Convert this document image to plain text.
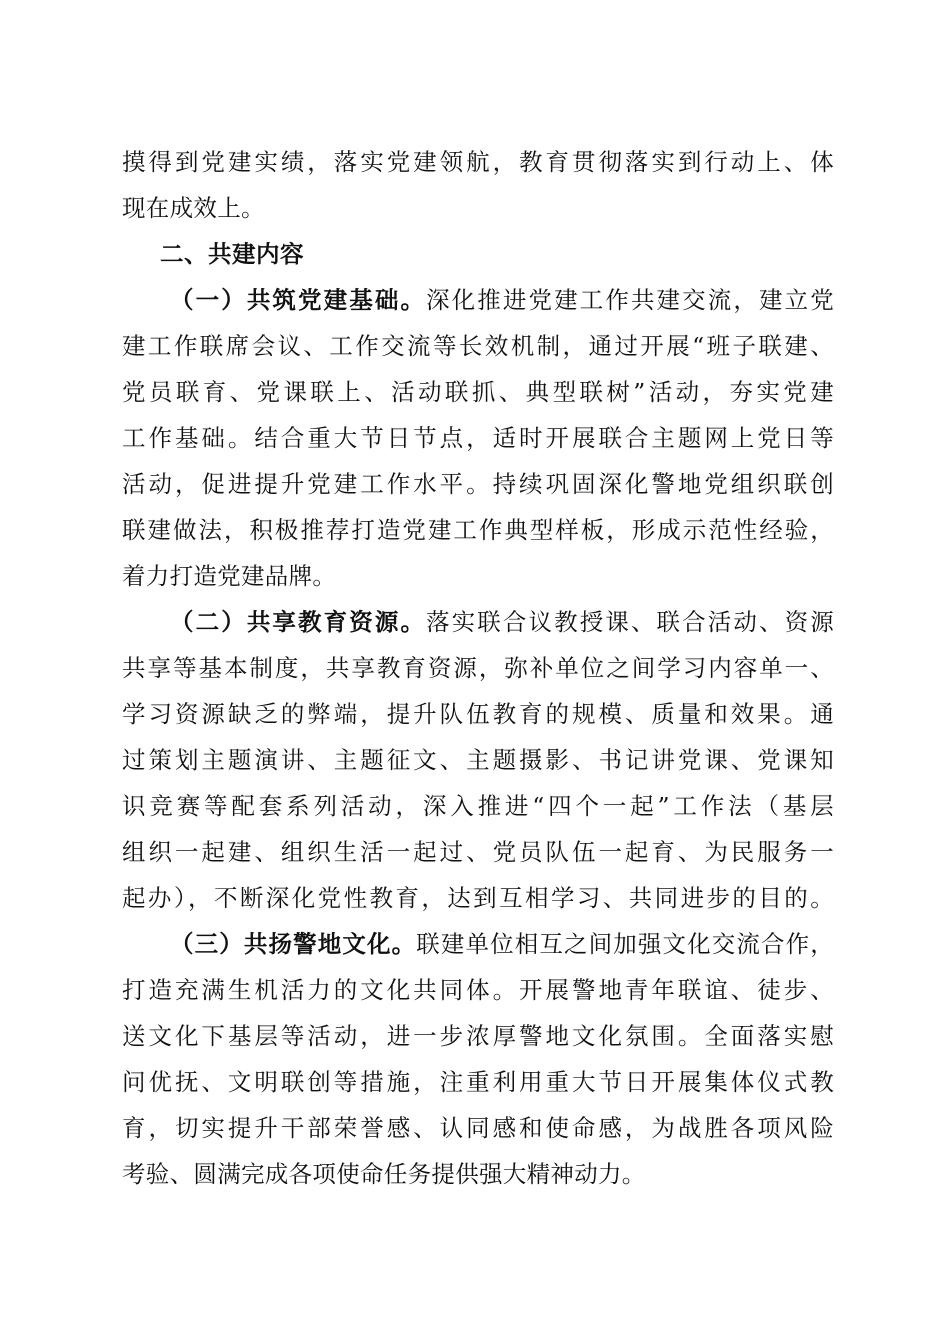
摸得到党建实绩，落实党建领航，教育贯彻落实到行动上、体
现在成效上。
二、共建内容
（一）共筑党建基础。深化推进党建工作共建交流，建立党
建工作联席会议、工作交流等长效机制，通过开展“班子联建、
党员联育、党课联上、活动联抓、典型联树”活动，夯实党建
工作基础。结合重大节日节点，适时开展联合主题网上党日等
活动，促进提升党建工作水平。持续巩固深化警地党组织联创
联建做法，积极推荐打造党建工作典型样板，形成示范性经验，
着力打造党建品牌。
（二）共享教育资源。落实联合议教授课、联合活动、资源
共享等基本制度，共享教育资源，弥补单位之间学习内容单一、
学习资源缺乏的弊端，提升队伍教育的规模、质量和效果。通
过策划主题演讲、主题征文、主题摄影、书记讲党课、党课知
识竞赛等配套系列活动，深入推进“四个一起”工作法（基层
组织一起建、组织生活一起过、党员队伍一起育、为民服务一
起办），不断深化党性教育，达到互相学习、共同进步的目的。
（三）共扬警地文化。联建单位相互之间加强文化交流合作，
打造充满生机活力的文化共同体。开展警地青年联谊、徒步、
送文化下基层等活动，进一步浓厚警地文化氛围。全面落实慰
问优抚、文明联创等措施，注重利用重大节日开展集体仪式教
育，切实提升干部荣誉感、认同感和使命感，为战胜各项风险
考验、圆满完成各项使命任务提供强大精神动力。
